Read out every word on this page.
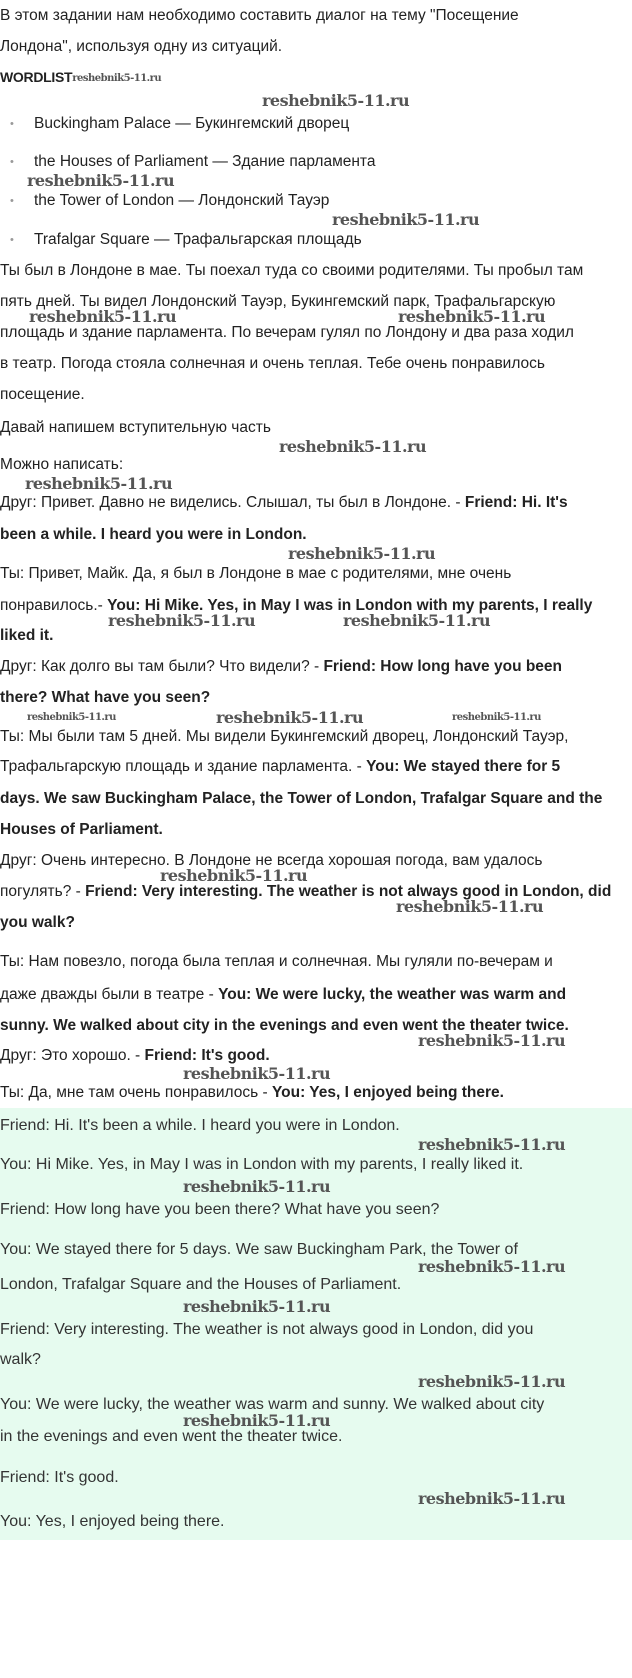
В этом задании нам необходимо составить диалог на тему "Посещение
Лондона", используя одну из ситуаций.
WORDLISTreshebnik5-11.ru
• Buckingham Palace — Букингемский дворец
• the Houses of Parliament — Здание парламента
• the Tower of London — Лондонский Тауэр
• Trafalgar Square — Трафальгарская площадь
Ты был в Лондоне в мае. Ты поехал туда со своими родителями. Ты пробыл там
пять дней. Ты видел Лондонский Тауэр, Букингемский парк, Трафальгарскую
площадь и здание парламента. По вечерам гулял по Лондону и два раза ходил
в театр. Погода стояла солнечная и очень теплая. Тебе очень понравилось
посещение.
Давай напишем вступительную часть
Можно написать:
Друг: Привет. Давно не виделись. Слышал, ты был в Лондоне. - Friend: Hi. It's
been a while. I heard you were in London.
Ты: Привет, Майк. Да, я был в Лондоне в мае с родителями, мне очень
понравилось.- You: Hi Mike. Yes, in May I was in London with my parents, I really
liked it.
Друг: Как долго вы там были? Что видели? - Friend: How long have you been
there? What have you seen?
Ты: Мы были там 5 дней. Мы видели Букингемский дворец, Лондонский Тауэр,
Трафальгарскую площадь и здание парламента. - You: We stayed there for 5
days. We saw Buckingham Palace, the Tower of London, Trafalgar Square and the
Houses of Parliament.
Друг: Очень интересно. В Лондоне не всегда хорошая погода, вам удалось
погулять? - Friend: Very interesting. The weather is not always good in London, did
you walk?
Ты: Нам повезло, погода была теплая и солнечная. Мы гуляли по-вечерам и
даже дважды были в театре - You: We were lucky, the weather was warm and
sunny. We walked about city in the evenings and even went the theater twice.
Друг: Это хорошо. - Friend: It's good.
Ты: Да, мне там очень понравилось - You: Yes, I enjoyed being there.
Friend: Hi. It's been a while. I heard you were in London.
You: Hi Mike. Yes, in May I was in London with my parents, I really liked it.
Friend: How long have you been there? What have you seen?
You: We stayed there for 5 days. We saw Buckingham Park, the Tower of
London, Trafalgar Square and the Houses of Parliament.
Friend: Very interesting. The weather is not always good in London, did you
walk?
You: We were lucky, the weather was warm and sunny. We walked about city
in the evenings and even went the theater twice.
Friend: It's good.
You: Yes, I enjoyed being there.
reshebnik5-11.ru
reshebnik5-11.ru
reshebnik5-11.ru
reshebnik5-11.ru	reshebnik5-11.ru
reshebnik5-11.ru
reshebnik5-11.ru
reshebnik5-11.ru
reshebnik5-11.ru	reshebnik5-11.ru
reshebnik5-11.ru	reshebnik5-11.ru	reshebnik5-11.ru
reshebnik5-11.ru
reshebnik5-11.ru
reshebnik5-11.ru
reshebnik5-11.ru
reshebnik5-11.ru
reshebnik5-11.ru
reshebnik5-11.ru
reshebnik5-11.ru
reshebnik5-11.ru
reshebnik5-11.ru
reshebnik5-11.ru
